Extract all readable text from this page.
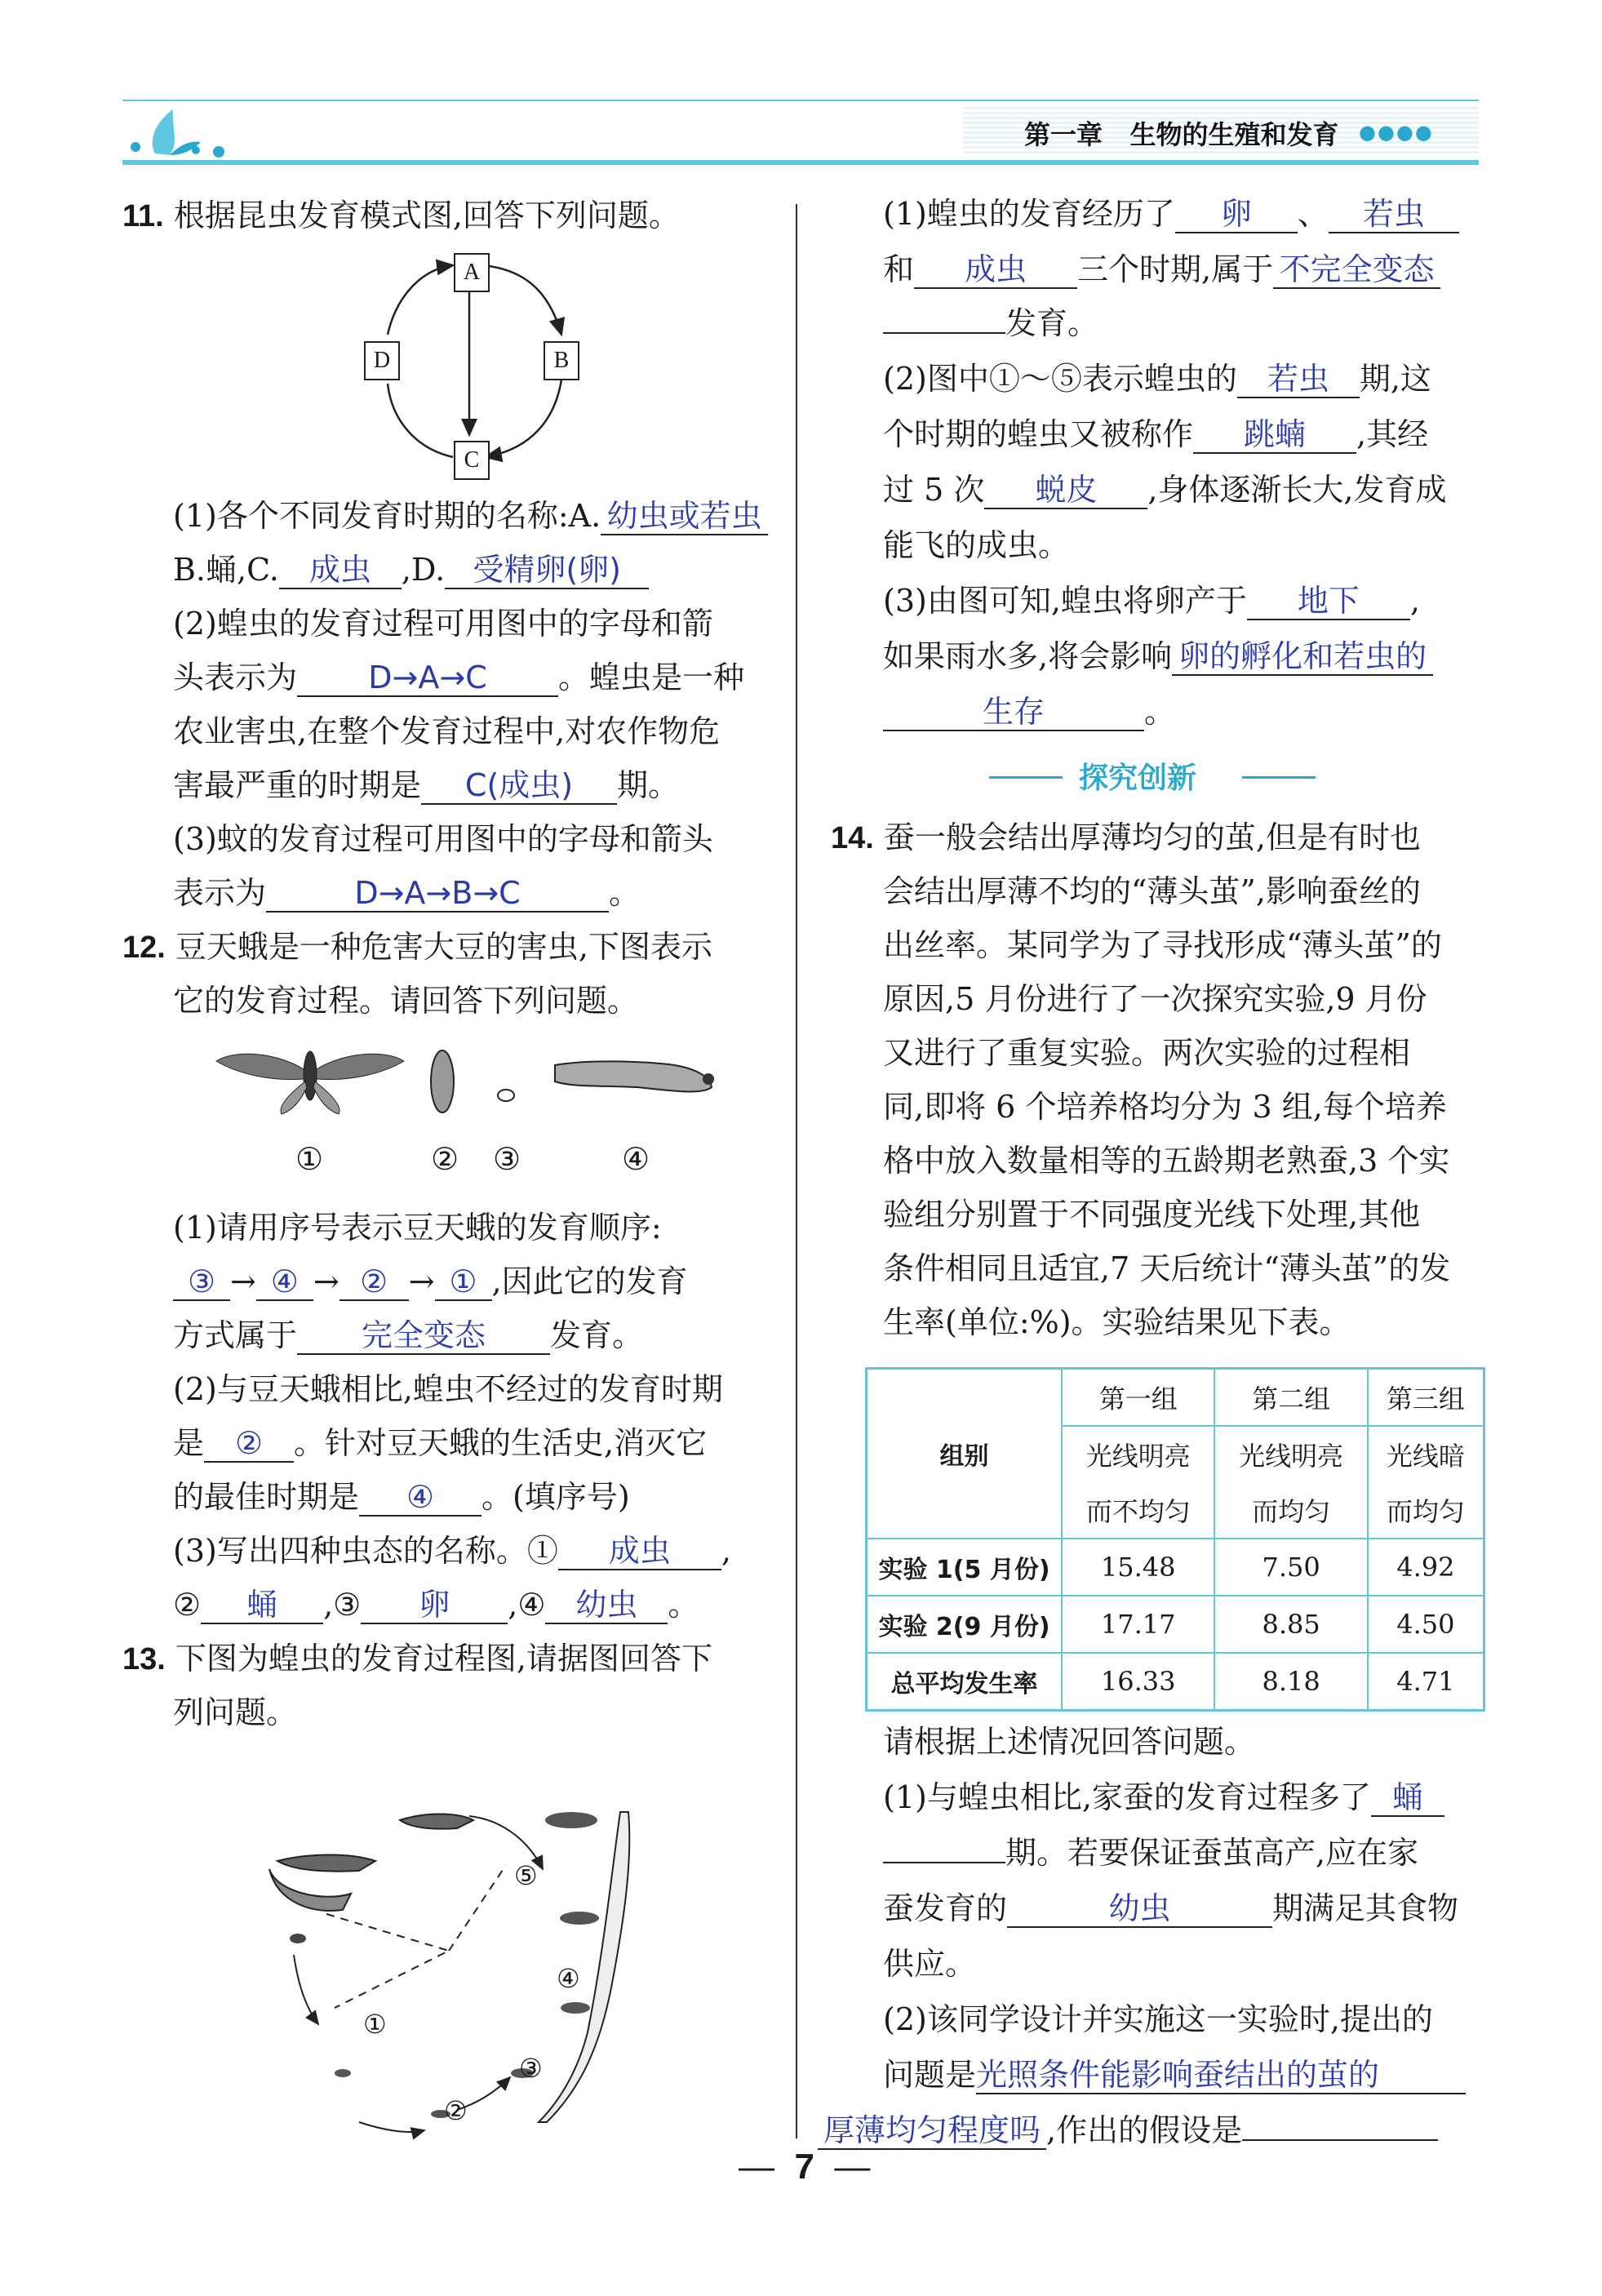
第一章 生物的生殖和发育 ●●●●
11. 根据昆虫发育模式图,回答下列问题。
A
B
D
C
(1)各个不同发育时期的名称:A. 幼虫或若虫
B.蛹,C. 成虫 ,D. 受精卵(卵)
(2)蝗虫的发育过程可用图中的字母和箭
头表示为 D→A→C 。蝗虫是一种
农业害虫,在整个发育过程中,对农作物危
害最严重的时期是 C(成虫) 期。
(3)蚊的发育过程可用图中的字母和箭头
表示为	D→A→B→C	。
12. 豆天蛾是一种危害大豆的害虫,下图表示
它的发育过程。请回答下列问题。
①	② ③	④
(1)请用序号表示豆天蛾的发育顺序:
③ → ④ → ② → ① ,因此它的发育
方式属于 完全变态 发育。
(2)与豆天蛾相比,蝗虫不经过的发育时期
是 ② 。针对豆天蛾的生活史,消灭它
的最佳时期是 ④ 。(填序号)
(3)写出四种虫态的名称。① 成虫 ,
② 蛹 ,③ 卵 ,④ 幼虫 。
13. 下图为蝗虫的发育过程图,请据图回答下
列问题。
⑤
④
①
③
②
(1)蝗虫的发育经历了 卵 、 若虫
和 成虫 三个时期,属于 不完全变态
发育。
(2)图中①～⑤表示蝗虫的 若虫 期,这
个时期的蝗虫又被称作 跳蝻 ,其经
过 5 次 蜕皮 ,身体逐渐长大,发育成
能飞的成虫。
(3)由图可知,蝗虫将卵产于 地下 ,
如果雨水多,将会影响 卵的孵化和若虫的
生存	。
探究创新
14. 蚕一般会结出厚薄均匀的茧,但是有时也
会结出厚薄不均的“薄头茧”,影响蚕丝的
出丝率。某同学为了寻找形成“薄头茧”的
原因,5 月份进行了一次探究实验,9 月份
又进行了重复实验。两次实验的过程相
同,即将 6 个培养格均分为 3 组,每个培养
格中放入数量相等的五龄期老熟蚕,3 个实
验组分别置于不同强度光线下处理,其他
条件相同且适宜,7 天后统计“薄头茧”的发
生率(单位:%)。实验结果见下表。
组别	第一组	第二组	第三组
	光线明亮	光线明亮	光线暗
	而不均匀	而均匀	而均匀
实验 1(5 月份)	15.48	7.50	4.92
实验 2(9 月份)	17.17	8.85	4.50
总平均发生率	16.33	8.18	4.71
请根据上述情况回答问题。
(1)与蝗虫相比,家蚕的发育过程多了 蛹
期。若要保证蚕茧高产,应在家
蚕发育的	幼虫	期满足其食物
供应。
(2)该同学设计并实施这一实验时,提出的
问题是光照条件能影响蚕结出的茧的
厚薄均匀程度吗 ,作出的假设是
— 7 —
